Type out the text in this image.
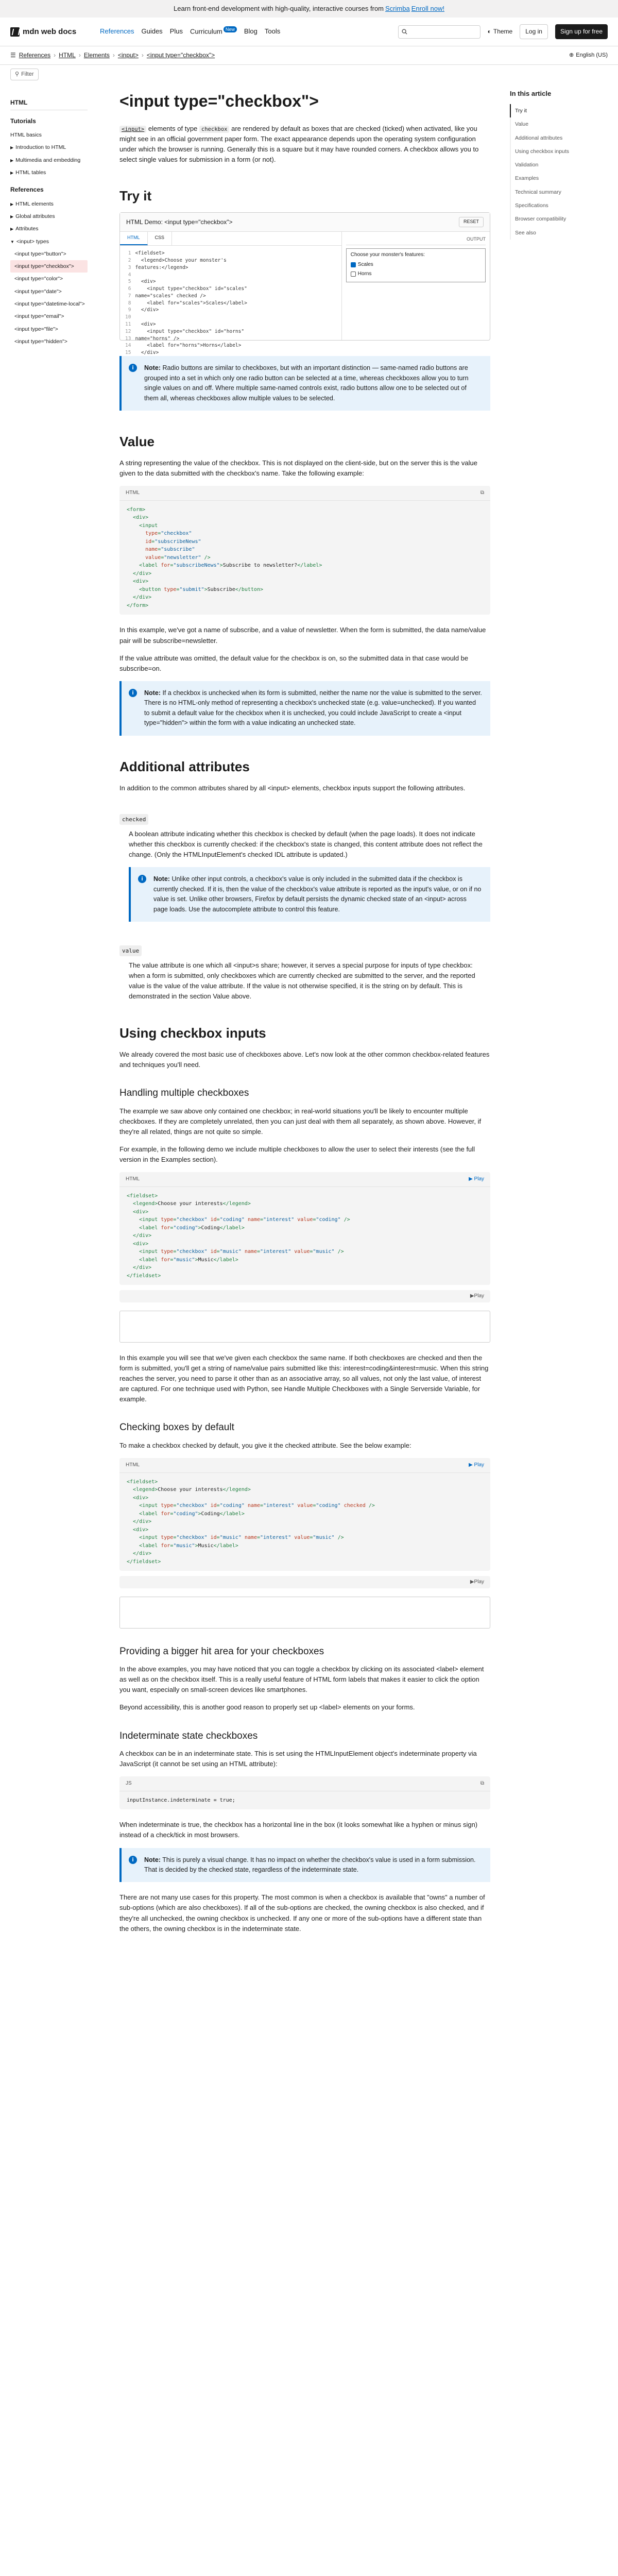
Learn front-end development with high-quality, interactive courses from Scrimba Enroll now!
mdn web docs	References Guides Plus Curriculum $^{New}$	Blog Tools	◐ Theme	Log in	Sign up for free
☰ References › HTML › Elements › <input> › <input type="checkbox">	⊕ English (US)
⚲ Filter
HTML
Tutorials
HTML basics
▶ Introduction to HTML
▶ Multimedia and embedding
▶ HTML tables
References
▶ HTML elements
▶ Global attributes
▶ Attributes
▼ <input> types
<input type="button">
<input type="checkbox">
<input type="color">
<input type="date">
<input type="datetime-local">
<input type="email">
<input type="file">
<input type="hidden">
In this article
Try it
Value
Additional attributes
Using checkbox inputs
Validation
Examples
Technical summary
Specifications
Browser compatibility
See also
<input type="checkbox">

<input> elements of type checkbox are rendered by default as boxes that are checked (ticked) when activated, like you might see in an official government paper form. The exact appearance depends upon the operating system configuration under which the browser is running. Generally this is a square but it may have rounded corners. A checkbox allows you to select single values for submission in a form (or not).

Try it
HTML Demo: <input type="checkbox">	RESET
HTML	CSS
1 <fieldset>
2  <legend>Choose your monster's
3 features:</legend>
4
5  <div>
6    <input type="checkbox" id="scales"
7 name="scales" checked />
8    <label for="scales">Scales</label>
9  </div>
10
11  <div>
12    <input type="checkbox" id="horns"
13 name="horns" />
14    <label for="horns">Horns</label>
15  </div>
OUTPUT
Choose your monster's features:
Scales
Horns
i	Note: Radio buttons are similar to checkboxes, but with an important distinction — same-named radio buttons are grouped into a set in which only one radio button can be selected at a time, whereas checkboxes allow you to turn single values on and off. Where multiple same-named controls exist, radio buttons allow one to be selected out of them all, whereas checkboxes allow multiple values to be selected.
Value

A string representing the value of the checkbox. This is not displayed on the client-side, but on the server this is the value given to the data submitted with the checkbox's name. Take the following example:

HTML	⧉
<form>
<div>
<input
type="checkbox"
id="subscribeNews"
name="subscribe"
value="newsletter" />
<label for="subscribeNews">Subscribe to newsletter?</label>
</div>
<div>
<button type="submit">Subscribe</button>
</div>
</form>

In this example, we've got a name of subscribe, and a value of newsletter. When the form is submitted, the data name/value pair will be subscribe=newsletter.

If the value attribute was omitted, the default value for the checkbox is on, so the submitted data in that case would be subscribe=on.

i	Note: If a checkbox is unchecked when its form is submitted, neither the name nor the value is submitted to the server. There is no HTML-only method of representing a checkbox's unchecked state (e.g. value=unchecked). If you wanted to submit a default value for the checkbox when it is unchecked, you could include JavaScript to create a <input type="hidden"> within the form with a value indicating an unchecked state.
Additional attributes

In addition to the common attributes shared by all <input> elements, checkbox inputs support the following attributes.

checked

A boolean attribute indicating whether this checkbox is checked by default (when the page loads). It does not indicate whether this checkbox is currently checked: if the checkbox's state is changed, this content attribute does not reflect the change. (Only the HTMLInputElement's checked IDL attribute is updated.)

i	Note: Unlike other input controls, a checkbox's value is only included in the submitted data if the checkbox is currently checked. If it is, then the value of the checkbox's value attribute is reported as the input's value, or on if no value is set. Unlike other browsers, Firefox by default persists the dynamic checked state of an <input> across page loads. Use the autocomplete attribute to control this feature.
value

The value attribute is one which all <input>s share; however, it serves a special purpose for inputs of type checkbox: when a form is submitted, only checkboxes which are currently checked are submitted to the server, and the reported value is the value of the value attribute. If the value is not otherwise specified, it is the string on by default. This is demonstrated in the section Value above.

Using checkbox inputs

We already covered the most basic use of checkboxes above. Let's now look at the other common checkbox-related features and techniques you'll need.

Handling multiple checkboxes

The example we saw above only contained one checkbox; in real-world situations you'll be likely to encounter multiple checkboxes. If they are completely unrelated, then you can just deal with them all separately, as shown above. However, if they're all related, things are not quite so simple.

For example, in the following demo we include multiple checkboxes to allow the user to select their interests (see the full version in the Examples section).

HTML	▶ Play
<fieldset>
<legend>Choose your interests</legend>
<div>
<input type="checkbox" id="coding" name="interest" value="coding" />
<label for="coding">Coding</label>
</div>
<div>
<input type="checkbox" id="music" name="interest" value="music" />
<label for="music">Music</label>
</div>
</fieldset>
▶ Play

In this example you will see that we've given each checkbox the same name. If both checkboxes are checked and then the form is submitted, you'll get a string of name/value pairs submitted like this: interest=coding&interest=music. When this string reaches the server, you need to parse it other than as an associative array, so all values, not only the last value, of interest are captured. For one technique used with Python, see Handle Multiple Checkboxes with a Single Serverside Variable, for example.

Checking boxes by default

To make a checkbox checked by default, you give it the checked attribute. See the below example:

HTML	▶ Play
<fieldset>
<legend>Choose your interests</legend>
<div>
<input type="checkbox" id="coding" name="interest" value="coding" checked />
<label for="coding">Coding</label>
</div>
<div>
<input type="checkbox" id="music" name="interest" value="music" />
<label for="music">Music</label>
</div>
</fieldset>
▶ Play
Providing a bigger hit area for your checkboxes

In the above examples, you may have noticed that you can toggle a checkbox by clicking on its associated <label> element as well as on the checkbox itself. This is a really useful feature of HTML form labels that makes it easier to click the option you want, especially on small-screen devices like smartphones.

Beyond accessibility, this is another good reason to properly set up <label> elements on your forms.

Indeterminate state checkboxes

A checkbox can be in an indeterminate state. This is set using the HTMLInputElement object's indeterminate property via JavaScript (it cannot be set using an HTML attribute):

JS	⧉
inputInstance.indeterminate = true;

When indeterminate is true, the checkbox has a horizontal line in the box (it looks somewhat like a hyphen or minus sign) instead of a check/tick in most browsers.

i	Note: This is purely a visual change. It has no impact on whether the checkbox's value is used in a form submission. That is decided by the checked state, regardless of the indeterminate state.

There are not many use cases for this property. The most common is when a checkbox is available that "owns" a number of sub-options (which are also checkboxes). If all of the sub-options are checked, the owning checkbox is also checked, and if they're all unchecked, the owning checkbox is unchecked. If any one or more of the sub-options have a different state than the others, the owning checkbox is in the indeterminate state.
